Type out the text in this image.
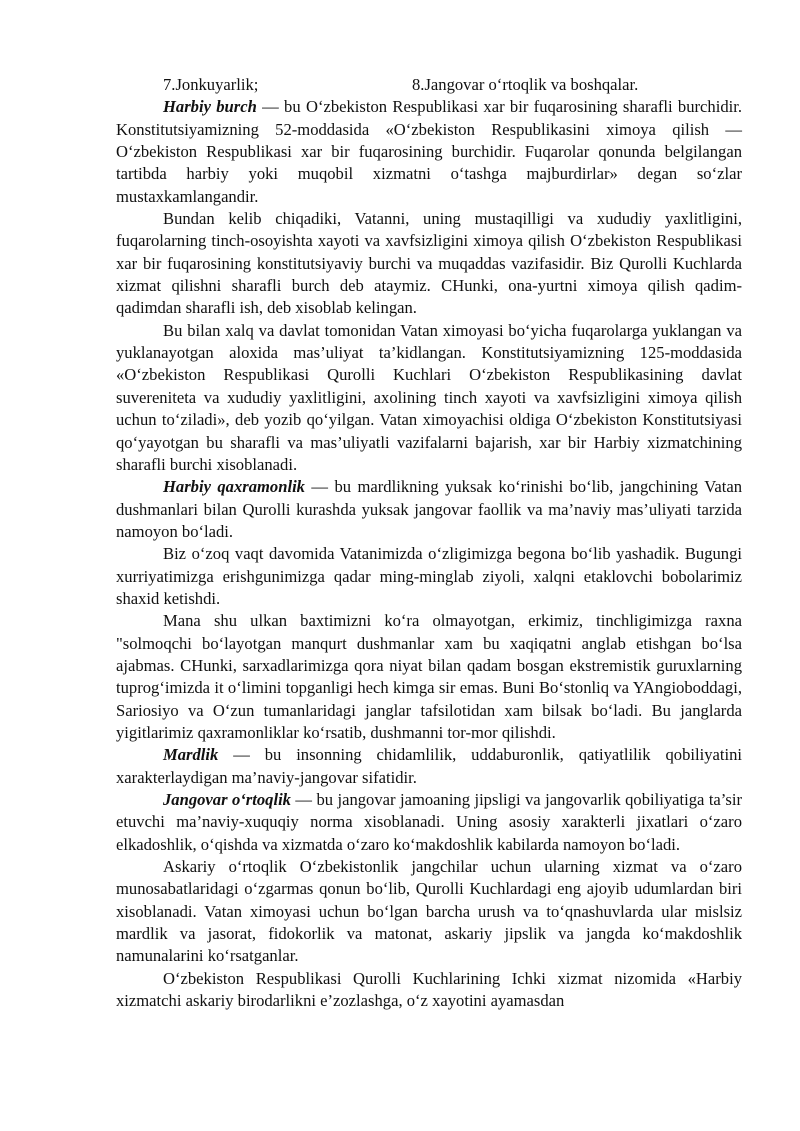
7.Jonkuyarlik;	8.Jangovar o‘rtoqlik va boshqalar.

Harbiy burch — bu O‘zbekiston Respublikasi xar bir fuqarosining sharafli burchidir. Konstitutsiyamizning 52-moddasida «O‘zbekiston Respublikasini ximoya qilish — O‘zbekiston Respublikasi xar bir fuqarosining burchidir. Fuqarolar qonunda belgilangan tartibda harbiy yoki muqobil xizmatni o‘tashga majburdirlar» degan so‘zlar mustaxkamlangandir.

Bundan kelib chiqadiki, Vatanni, uning mustaqilligi va xududiy yaxlitligini, fuqarolarning tinch-osoyishta xayoti va xavfsizligini ximoya qilish O‘zbekiston Respublikasi xar bir fuqarosining konstitutsiyaviy burchi va muqaddas vazifasidir. Biz Qurolli Kuchlarda xizmat qilishni sharafli burch deb ataymiz. CHunki, ona-yurtni ximoya qilish qadim-qadimdan sharafli ish, deb xisoblab kelingan.

Bu bilan xalq va davlat tomonidan Vatan ximoyasi bo‘yicha fuqarolarga yuklangan va yuklanayotgan aloxida mas’uliyat ta’kidlangan. Konstitutsiyamizning 125-moddasida «O‘zbekiston Respublikasi Qurolli Kuchlari O‘zbekiston Respublikasining davlat suvereniteta va xududiy yaxlitligini, axolining tinch xayoti va xavfsizligini ximoya qilish uchun to‘ziladi», deb yozib qo‘yilgan. Vatan ximoyachisi oldiga O‘zbekiston Konstitutsiyasi qo‘yayotgan bu sharafli va mas’uliyatli vazifalarni bajarish, xar bir Harbiy xizmatchining sharafli burchi xisoblanadi.

Harbiy qaxramonlik — bu mardlikning yuksak ko‘rinishi bo‘lib, jangchining Vatan dushmanlari bilan Qurolli kurashda yuksak jangovar faollik va ma’naviy mas’uliyati tarzida namoyon bo‘ladi.

Biz o‘zoq vaqt davomida Vatanimizda o‘zligimizga begona bo‘lib yashadik. Bugungi xurriyatimizga erishgunimizga qadar ming-minglab ziyoli, xalqni etaklovchi bobolarimiz shaxid ketishdi.

Mana shu ulkan baxtimizni ko‘ra olmayotgan, erkimiz, tinchligimizga raxna "solmoqchi bo‘layotgan manqurt dushmanlar xam bu xaqiqatni anglab etishgan bo‘lsa ajabmas. CHunki, sarxadlarimizga qora niyat bilan qadam bosgan ekstremistik guruxlarning tuprog‘imizda it o‘limini topganligi hech kimga sir emas. Buni Bo‘stonliq va YAngioboddagi, Sariosiyo va O‘zun tumanlaridagi janglar tafsilotidan xam bilsak bo‘ladi. Bu janglarda yigitlarimiz qaxramonliklar ko‘rsatib, dushmanni tor-mor qilishdi.

Mardlik — bu insonning chidamlilik, uddaburonlik, qatiyatlilik qobiliyatini xarakterlaydigan ma’naviy-jangovar sifatidir.

Jangovar o‘rtoqlik — bu jangovar jamoaning jipsligi va jangovarlik qobiliyatiga ta’sir etuvchi ma’naviy-xuquqiy norma xisoblanadi. Uning asosiy xarakterli jixatlari o‘zaro elkadoshlik, o‘qishda va xizmatda o‘zaro ko‘makdoshlik kabilarda namoyon bo‘ladi.

Askariy o‘rtoqlik O‘zbekistonlik jangchilar uchun ularning xizmat va o‘zaro munosabatlaridagi o‘zgarmas qonun bo‘lib, Qurolli Kuchlardagi eng ajoyib udumlardan biri xisoblanadi. Vatan ximoyasi uchun bo‘lgan barcha urush va to‘qnashuvlarda ular mislsiz mardlik va jasorat, fidokorlik va matonat, askariy jipslik va jangda ko‘makdoshlik namunalarini ko‘rsatganlar.

O‘zbekiston Respublikasi Qurolli Kuchlarining Ichki xizmat nizomida «Harbiy xizmatchi askariy birodarlikni e’zozlashga, o‘z xayotini ayamasdan
